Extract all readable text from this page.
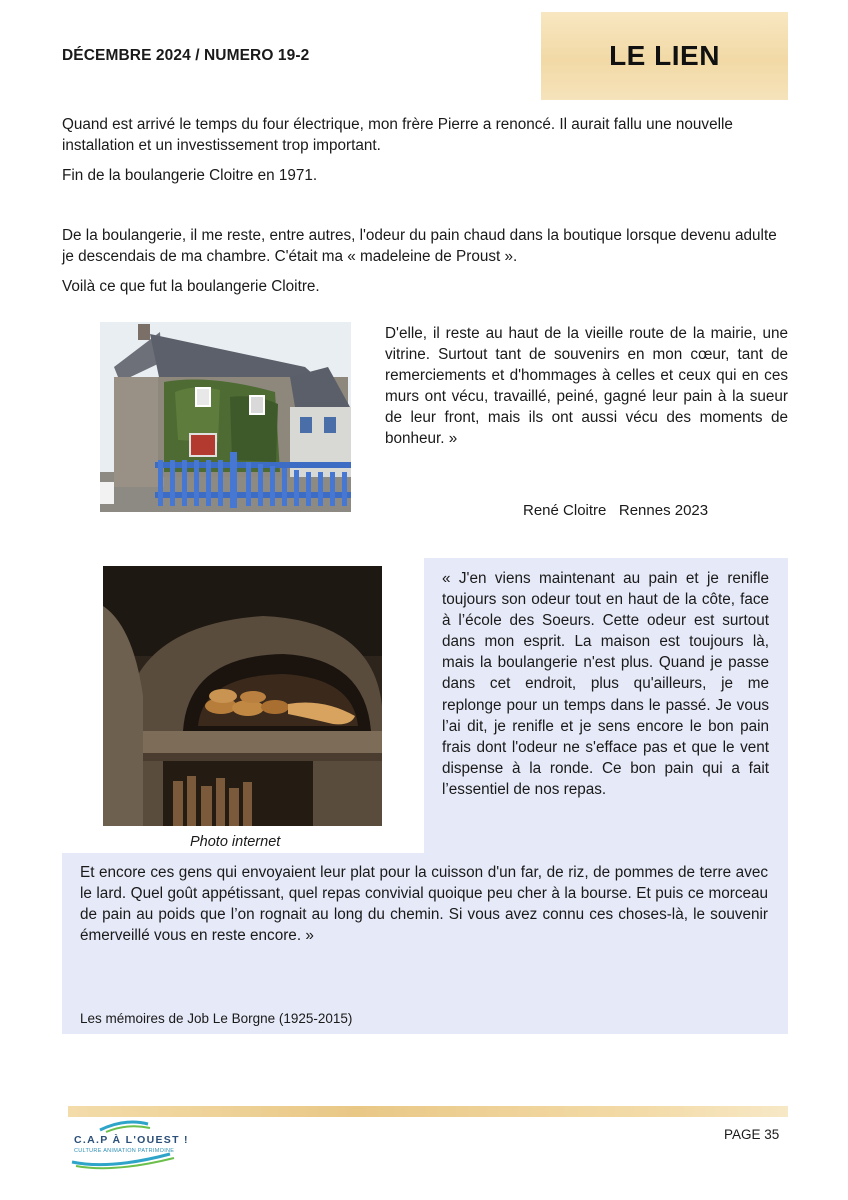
DÉCEMBRE 2024 / NUMERO 19-2	LE LIEN
Quand est arrivé le temps du four électrique, mon frère Pierre a renoncé. Il aurait fallu une nouvelle installation et un investissement trop important.
Fin de la boulangerie Cloitre en 1971.
De la boulangerie, il me reste, entre autres, l'odeur du pain chaud dans la boutique lorsque devenu adulte je descendais de ma chambre. C'était ma « madeleine de Proust ».
Voilà ce que fut la boulangerie Cloitre.
D'elle, il reste au haut de la vieille route de la mairie, une vitrine. Surtout tant de souvenirs en mon cœur, tant de remerciements et d'hommages à celles et ceux qui en ces murs ont vécu, travaillé, peiné, gagné leur pain à la sueur de leur front, mais ils ont aussi vécu des moments de bonheur. »
René Cloitre   Rennes 2023
Photo internet
« J'en viens maintenant au pain et je renifle toujours son odeur tout en haut de la côte, face à l’école des Soeurs. Cette odeur est surtout dans mon esprit. La maison est toujours là, mais la boulangerie n'est plus. Quand je passe dans cet endroit, plus qu'ailleurs, je me replonge pour un temps dans le passé. Je vous l’ai dit, je renifle et je sens encore le bon pain frais dont l'odeur ne s'efface pas et que le vent dispense à la ronde. Ce bon pain qui a fait l’essentiel de nos repas.
Et encore ces gens qui envoyaient leur plat pour la cuisson d'un far, de riz, de pommes de terre avec le lard. Quel goût appétissant, quel repas convivial quoique peu cher à la bourse. Et puis ce morceau de pain au poids que l’on rognait au long du chemin. Si vous avez connu ces choses-là, le souvenir émerveillé vous en reste encore. »
Les mémoires de Job Le Borgne (1925-2015)
C.A.P À L'OUEST !
CULTURE ANIMATION PATRIMOINE
PAGE 35
